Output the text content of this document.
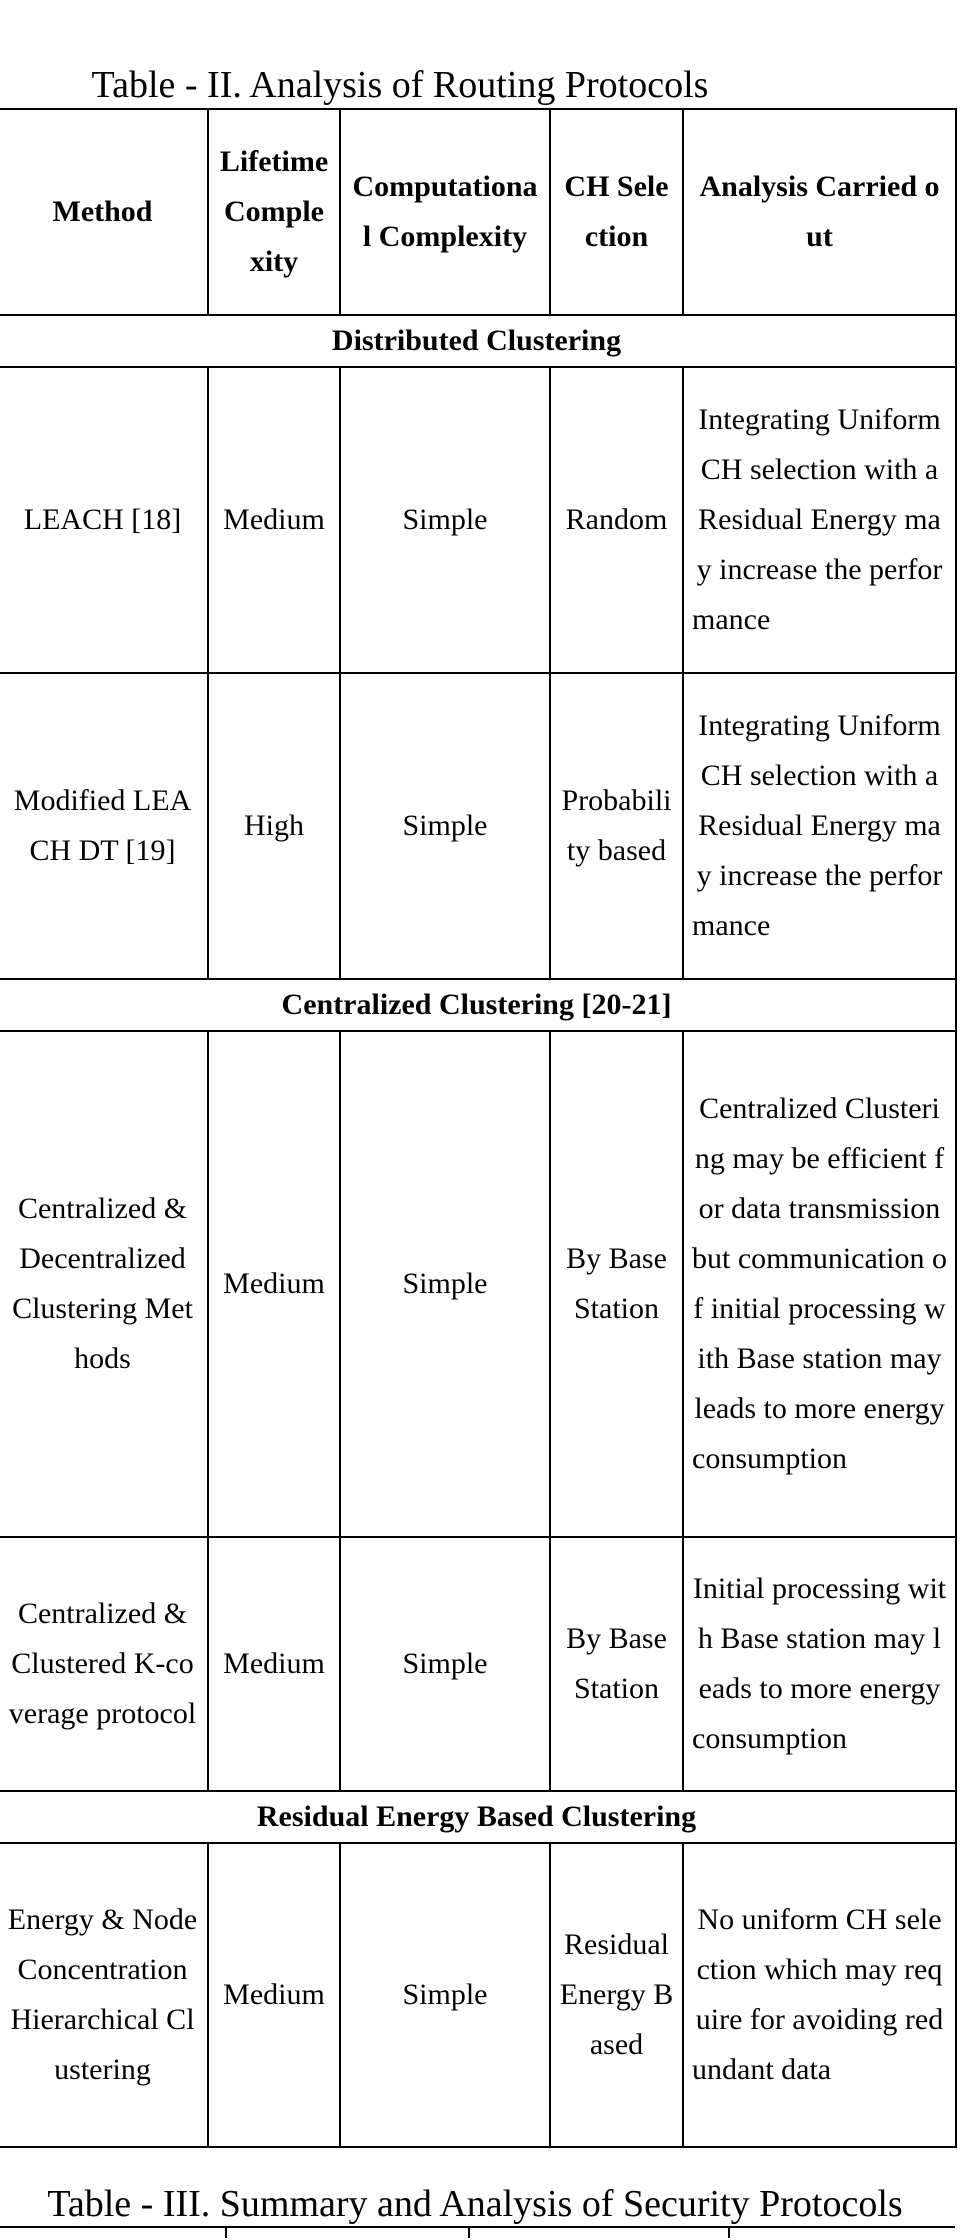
Table - II. Analysis of Routing Protocols
Method	Lifetime Complexity	Computational Complexity	CH Selection	Analysis Carried out
Distributed Clustering				
LEACH [18]	Medium	Simple	Random	Integrating Uniform CH selection with a Residual Energy may increase the performance
Modified LEACH DT [19]	High	Simple	Probability based	Integrating Uniform CH selection with a Residual Energy may increase the performance
Centralized Clustering [20-21]				
Centralized & Decentralized Clustering Methods	Medium	Simple	By Base Station	Centralized Clustering may be efficient for data transmission but communication of initial processing with Base station may leads to more energy consumption
Centralized & Clustered K-coverage protocol	Medium	Simple	By Base Station	Initial processing with Base station may leads to more energy consumption
Residual Energy Based Clustering				
Energy & Node Concentration Hierarchical Clustering	Medium	Simple	Residual Energy Based	No uniform CH selection which may require for avoiding redundant data
Table - III. Summary and Analysis of Security Protocols
